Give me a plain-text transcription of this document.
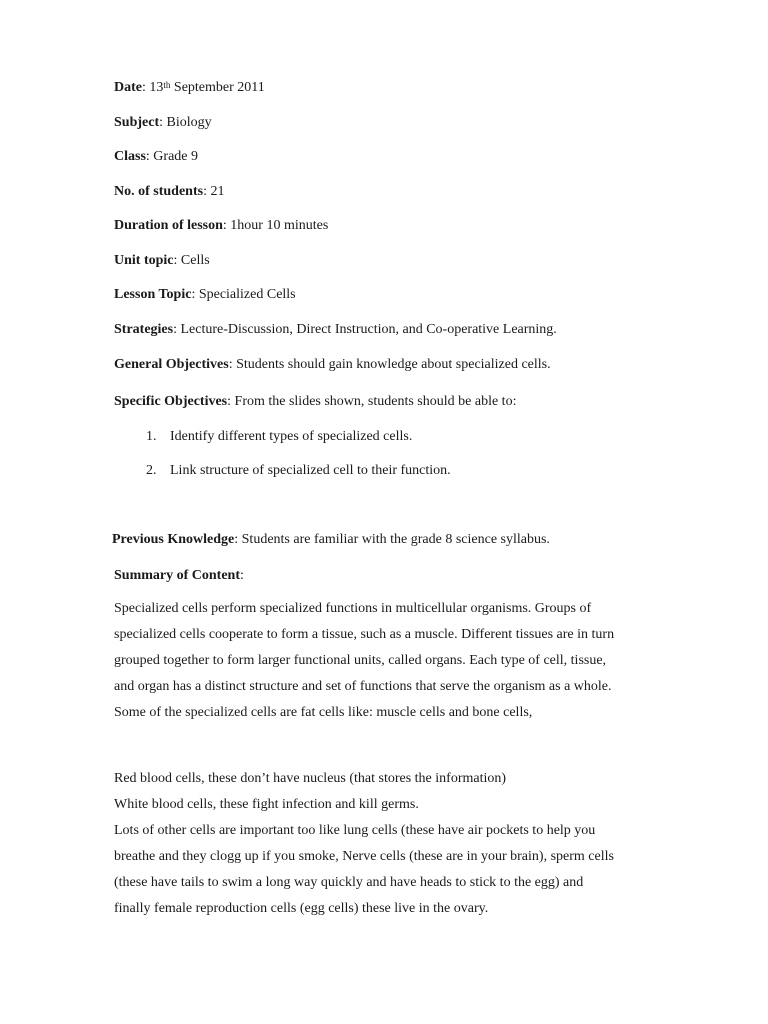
Date: 13th September 2011
Subject: Biology
Class: Grade 9
No. of students: 21
Duration of lesson: 1hour 10 minutes
Unit topic: Cells
Lesson Topic: Specialized Cells
Strategies: Lecture-Discussion, Direct Instruction, and Co-operative Learning.
General Objectives: Students should gain knowledge about specialized cells.
Specific Objectives: From the slides shown, students should be able to:
1. Identify different types of specialized cells.
2. Link structure of specialized cell to their function.
Previous Knowledge: Students are familiar with the grade 8 science syllabus.
Summary of Content:
Specialized cells perform specialized functions in multicellular organisms. Groups of
specialized cells cooperate to form a tissue, such as a muscle. Different tissues are in turn
grouped together to form larger functional units, called organs. Each type of cell, tissue,
and organ has a distinct structure and set of functions that serve the organism as a whole.
Some of the specialized cells are fat cells like: muscle cells and bone cells,
Red blood cells, these don’t have nucleus (that stores the information)
White blood cells, these fight infection and kill germs.
Lots of other cells are important too like lung cells (these have air pockets to help you
breathe and they clogg up if you smoke, Nerve cells (these are in your brain), sperm cells
(these have tails to swim a long way quickly and have heads to stick to the egg) and
finally female reproduction cells (egg cells) these live in the ovary.
